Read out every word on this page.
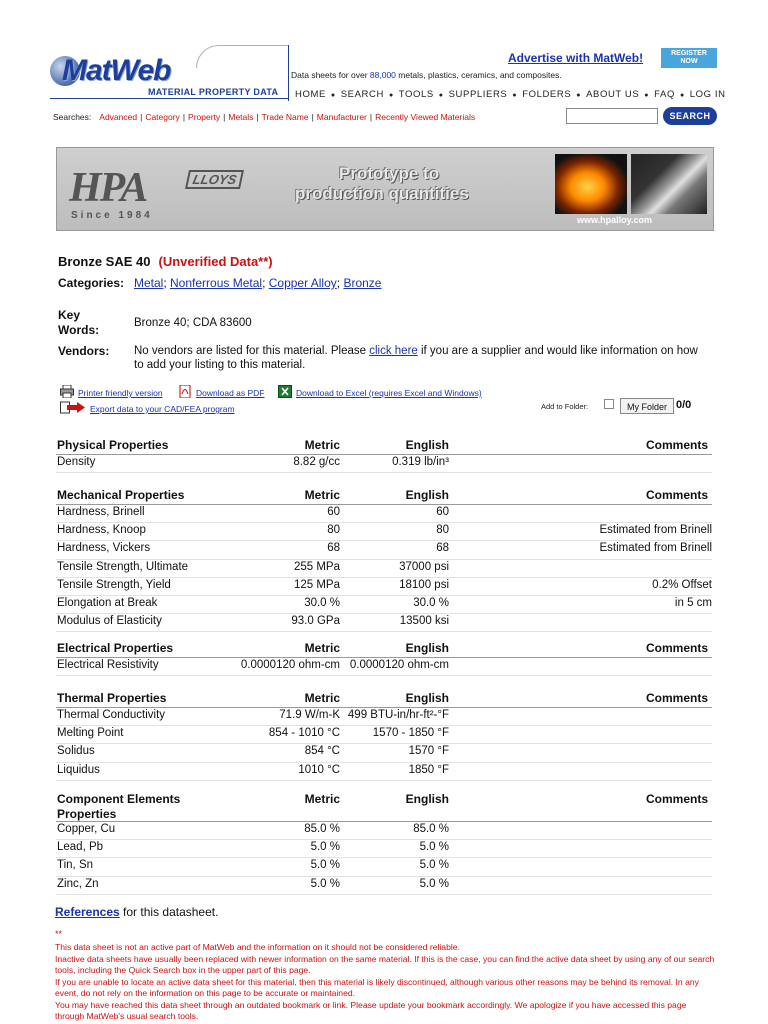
MatWeb
MATERIAL PROPERTY DATA
Advertise with MatWeb!	REGISTER
NOW
Data sheets for over 88,000 metals, plastics, ceramics, and composites.
HOME ● SEARCH ● TOOLS ● SUPPLIERS ● FOLDERS ● ABOUT US ● FAQ ● LOG IN
Searches: Advanced | Category | Property | Metals | Trade Name | Manufacturer | Recently Viewed Materials	SEARCH
HPA	LLOYS
Since 1984
Prototype to
production quantities
www.hpalloy.com
Bronze SAE 40 (Unverified Data**)
Categories: Metal; Nonferrous Metal; Copper Alloy; Bronze
Key Words:	Bronze 40; CDA 83600
Vendors: No vendors are listed for this material. Please click here if you are a supplier and would like information on how to add your listing to this material.
Printer friendly version	Download as PDF	Download to Excel (requires Excel and Windows)
Export data to your CAD/FEA program	Add to Folder:	My Folder 0/0
Physical Properties	Metric	English	Comments
Density	8.82 g/cc	0.319 lb/in³
Mechanical Properties	Metric	English	Comments
Hardness, Brinell	60	60
Hardness, Knoop	80	80	Estimated from Brinell
Hardness, Vickers	68	68	Estimated from Brinell
Tensile Strength, Ultimate	255 MPa	37000 psi
Tensile Strength, Yield	125 MPa	18100 psi	0.2% Offset
Elongation at Break	30.0 %	30.0 %	in 5 cm
Modulus of Elasticity	93.0 GPa	13500 ksi
Electrical Properties	Metric	English	Comments
Electrical Resistivity	0.0000120 ohm-cm 0.0000120 ohm-cm
Thermal Properties	Metric	English	Comments
Thermal Conductivity	71.9 W/m-K 499 BTU-in/hr-ft²-°F
Melting Point	854 - 1010 °C	1570 - 1850 °F
Solidus	854 °C	1570 °F
Liquidus	1010 °C	1850 °F
Component Elements Properties
Metric	English	Comments
Copper, Cu	85.0 %	85.0 %
Lead, Pb	5.0 %	5.0 %
Tin, Sn	5.0 %	5.0 %
Zinc, Zn	5.0 %	5.0 %
References for this datasheet.
**
This data sheet is not an active part of MatWeb and the information on it should not be considered reliable.
Inactive data sheets have usually been replaced with newer information on the same material. If this is the case, you can find the active data sheet by using any of our search tools, including the Quick Search box in the upper part of this page.
If you are unable to locate an active data sheet for this material, then this material is likely discontinued, although various other reasons may be behind its removal. In any event, do not rely on the information on this page to be accurate or maintained.
You may have reached this data sheet through an outdated bookmark or link. Please update your bookmark accordingly. We apologize if you have accessed this page through MatWeb's usual search tools.
